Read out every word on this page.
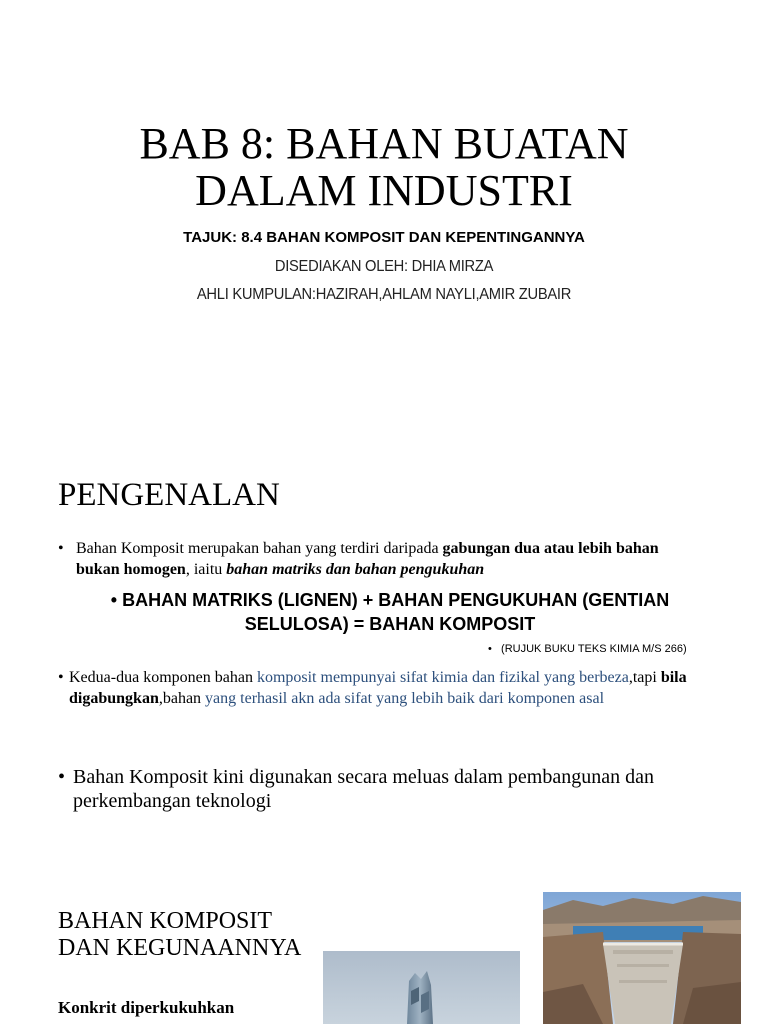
BAB 8: BAHAN BUATAN
DALAM INDUSTRI
TAJUK: 8.4 BAHAN KOMPOSIT DAN KEPENTINGANNYA
DISEDIAKAN OLEH: DHIA MIRZA
AHLI KUMPULAN:HAZIRAH,AHLAM NAYLI,AMIR ZUBAIR
PENGENALAN
• Bahan Komposit merupakan bahan yang terdiri daripada gabungan dua atau lebih bahan bukan homogen, iaitu bahan matriks dan bahan pengukuhan
• BAHAN MATRIKS (LIGNEN) + BAHAN PENGUKUHAN (GENTIAN SELULOSA) = BAHAN KOMPOSIT
•   (RUJUK BUKU TEKS KIMIA M/S 266)
• Kedua-dua komponen bahan komposit mempunyai sifat kimia dan fizikal yang berbeza,tapi bila digabungkan,bahan yang terhasil akn ada sifat yang lebih baik dari komponen asal
• Bahan Komposit kini digunakan secara meluas dalam pembangunan dan perkembangan teknologi
BAHAN KOMPOSIT DAN KEGUNAANNYA
Konkrit diperkukuhkan
